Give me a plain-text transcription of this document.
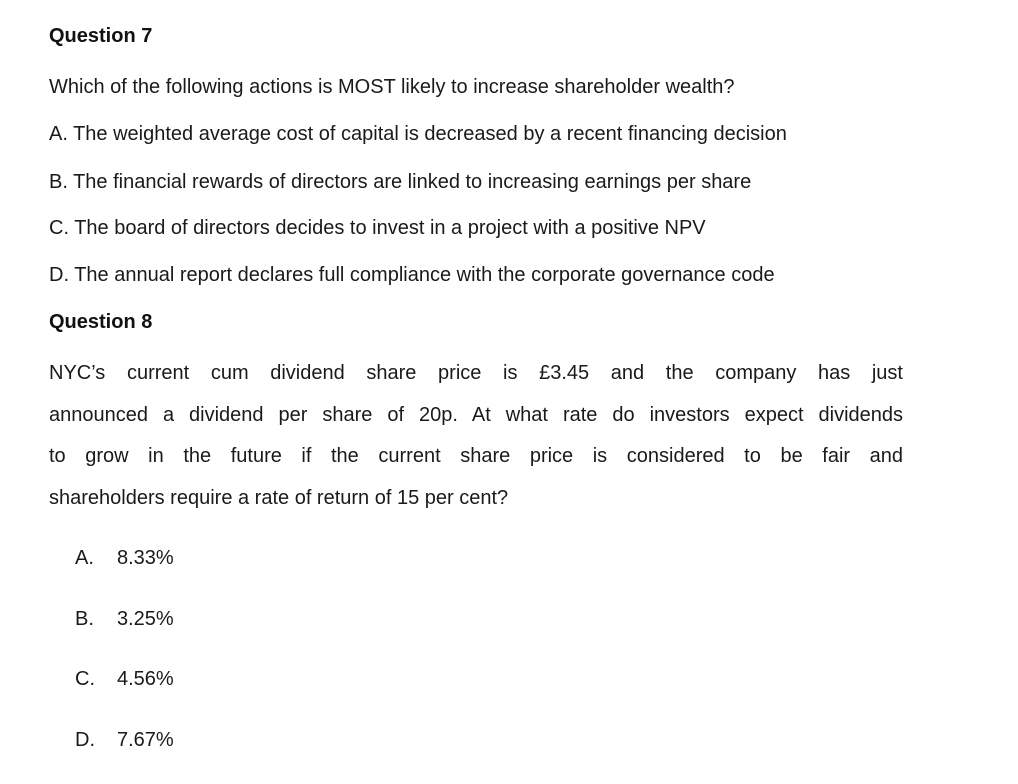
Question 7
Which of the following actions is MOST likely to increase shareholder wealth?
A. The weighted average cost of capital is decreased by a recent financing decision
B. The financial rewards of directors are linked to increasing earnings per share
C. The board of directors decides to invest in a project with a positive NPV
D. The annual report declares full compliance with the corporate governance code
Question 8
NYC’s current cum dividend share price is £3.45 and the company has just
announced a dividend per share of 20p. At what rate do investors expect dividends
to grow in the future if the current share price is considered to be fair and
shareholders require a rate of return of 15 per cent?
A. 8.33%
B. 3.25%
C. 4.56%
D. 7.67%
